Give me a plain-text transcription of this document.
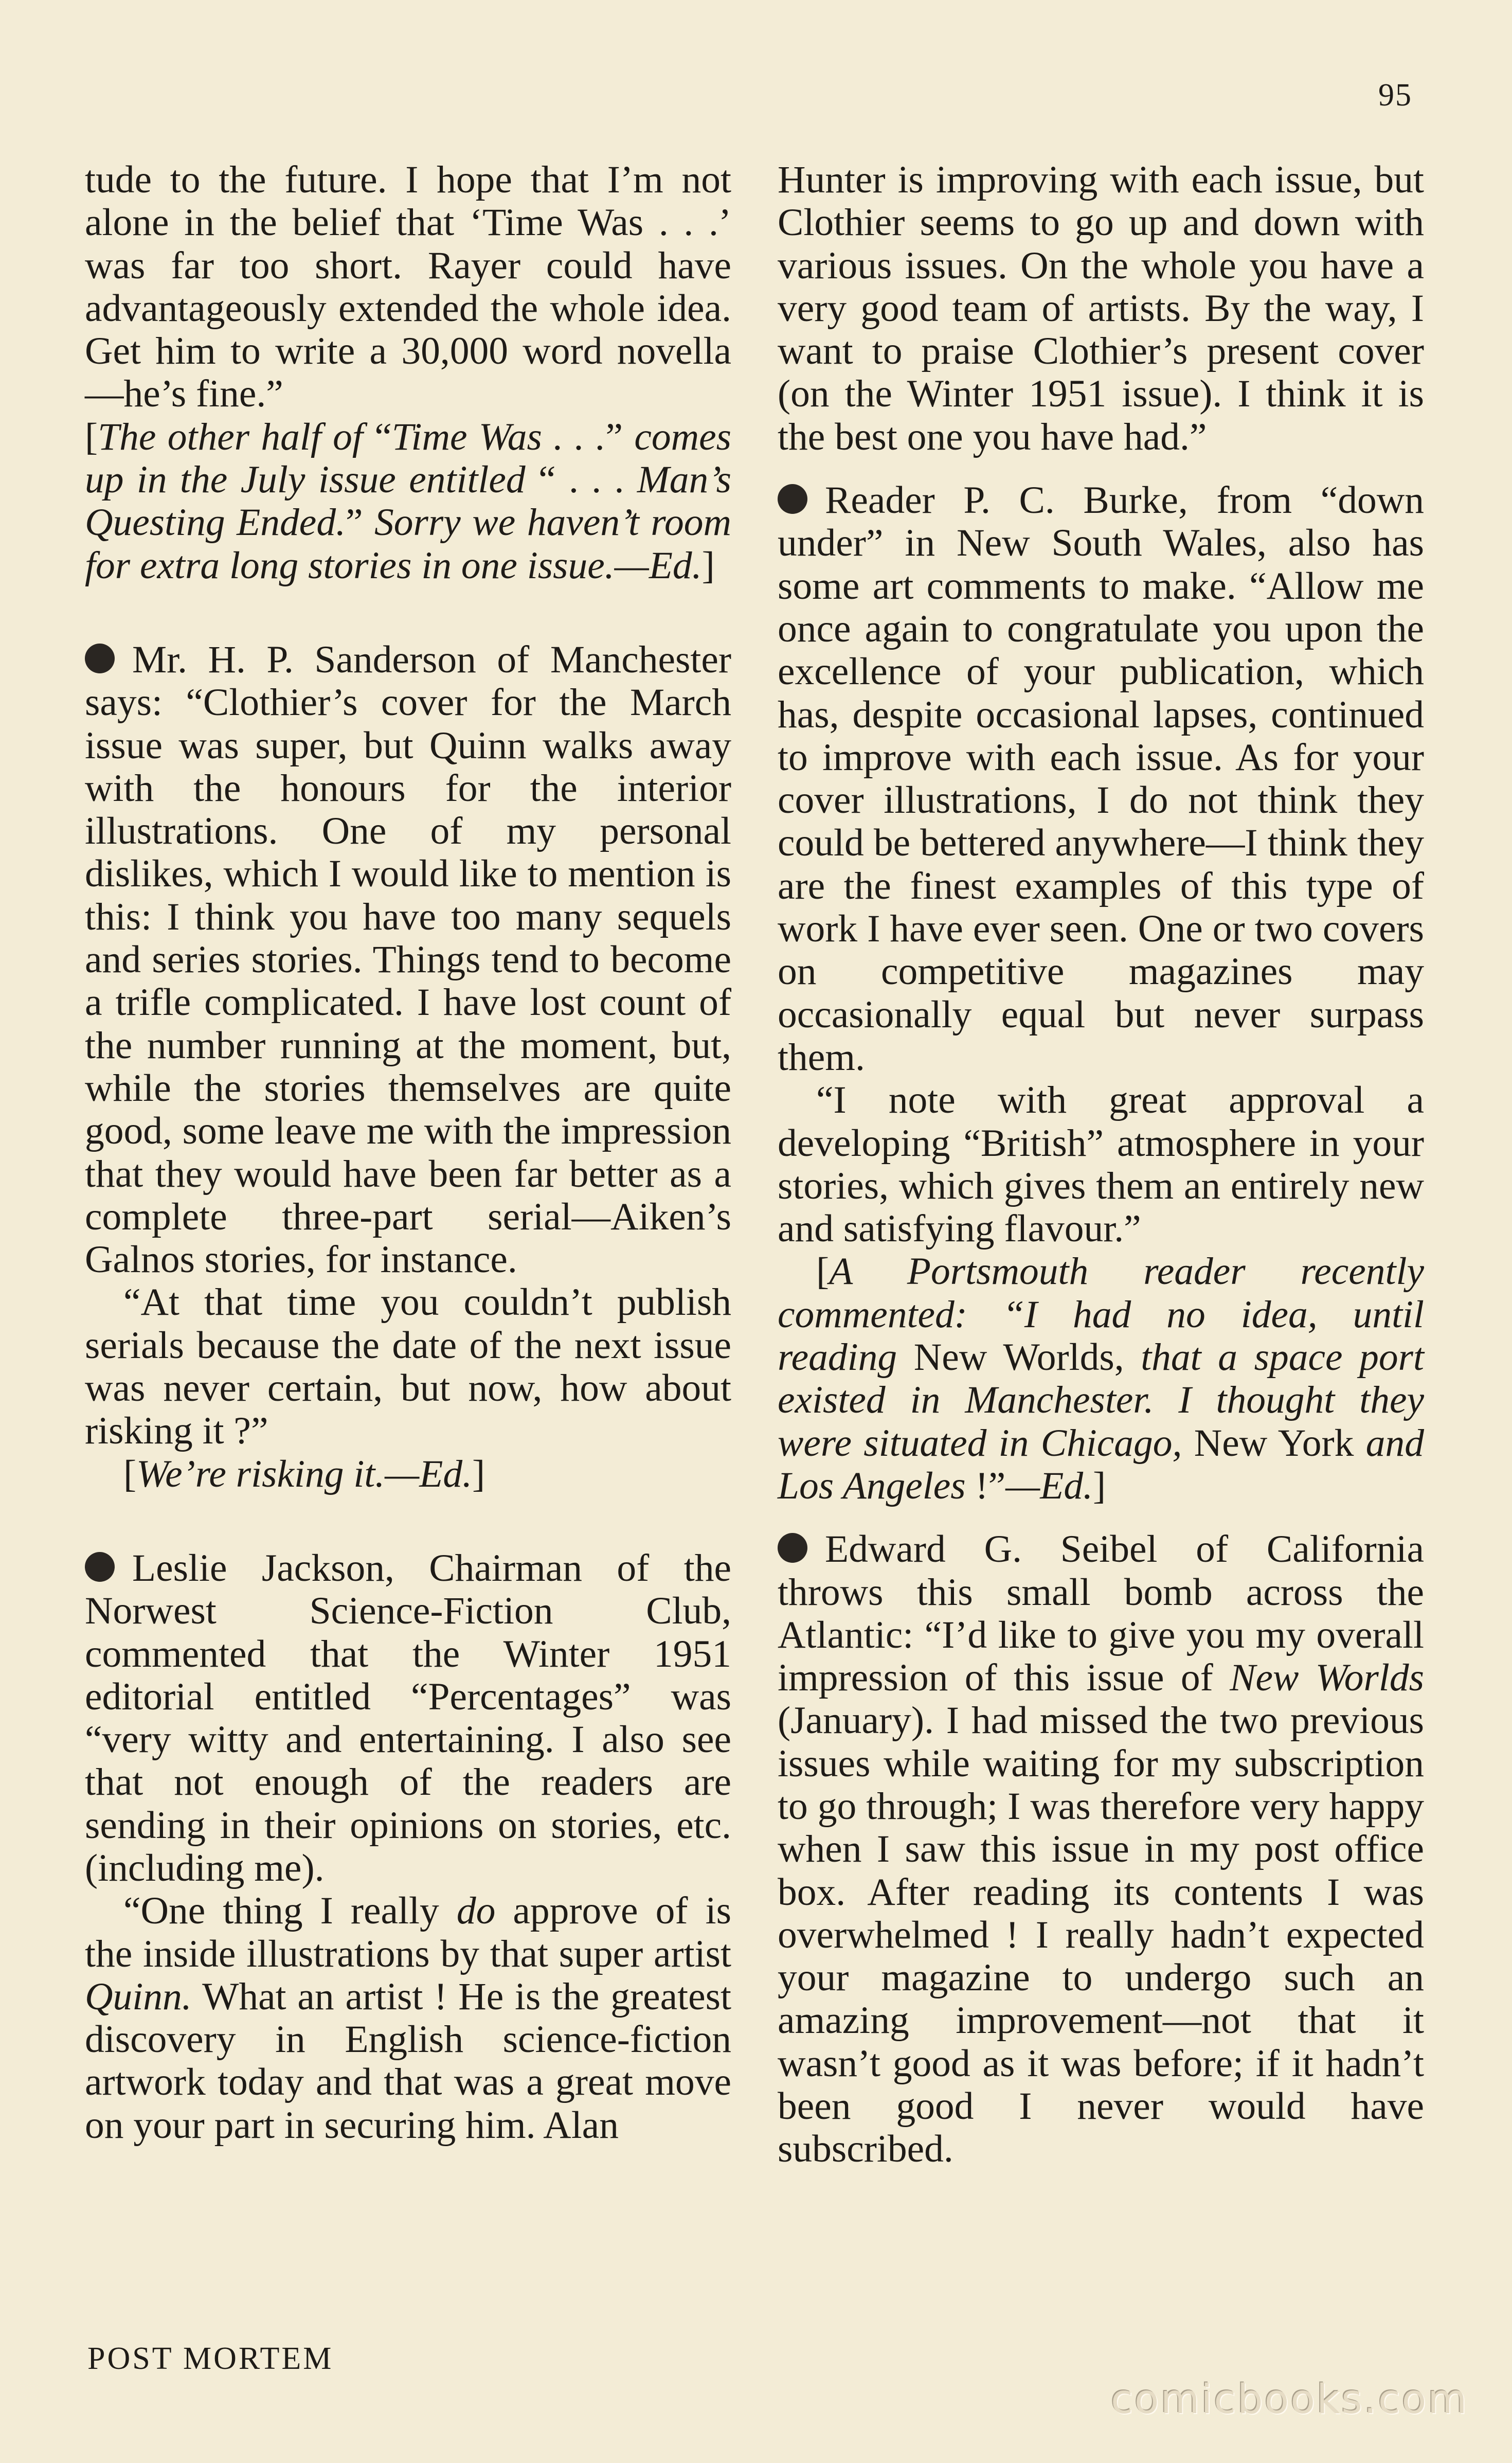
95

tude to the future. I hope that I’m not alone in the belief that ‘Time Was . . .’ was far too short. Rayer could have advantageously extended the whole idea. Get him to write a 30,000 word novella—he’s fine.”

[The other half of “Time Was . . .” comes up in the July issue entitled “ . . . Man’s Questing Ended.” Sorry we haven’t room for extra long stories in one issue.—Ed.]

Mr. H. P. Sanderson of Manchester says: “Clothier’s cover for the March issue was super, but Quinn walks away with the honours for the interior illustrations. One of my personal dislikes, which I would like to mention is this: I think you have too many sequels and series stories. Things tend to become a trifle complicated. I have lost count of the number running at the moment, but, while the stories themselves are quite good, some leave me with the impression that they would have been far better as a complete three-part serial—Aiken’s Galnos stories, for instance.

“At that time you couldn’t publish serials because the date of the next issue was never certain, but now, how about risking it ?”

[We’re risking it.—Ed.]

Leslie Jackson, Chairman of the Norwest Science-Fiction Club, commented that the Winter 1951 editorial entitled “Percentages” was “very witty and entertaining. I also see that not enough of the readers are sending in their opinions on stories, etc. (including me).

“One thing I really do approve of is the inside illustrations by that super artist Quinn. What an artist ! He is the greatest discovery in English science-fiction artwork today and that was a great move on your part in securing him. Alan

Hunter is improving with each issue, but Clothier seems to go up and down with various issues. On the whole you have a very good team of artists. By the way, I want to praise Clothier’s present cover (on the Winter 1951 issue). I think it is the best one you have had.”

Reader P. C. Burke, from “down under” in New South Wales, also has some art comments to make. “Allow me once again to congratulate you upon the excellence of your publication, which has, despite occasional lapses, continued to improve with each issue. As for your cover illustrations, I do not think they could be bettered anywhere—I think they are the finest examples of this type of work I have ever seen. One or two covers on competitive magazines may occasionally equal but never surpass them.

“I note with great approval a developing “British” atmosphere in your stories, which gives them an entirely new and satisfying flavour.”

[A Portsmouth reader recently commented: “I had no idea, until reading New Worlds, that a space port existed in Manchester. I thought they were situated in Chicago, New York and Los Angeles !”—Ed.]

Edward G. Seibel of California throws this small bomb across the Atlantic: “I’d like to give you my overall impression of this issue of New Worlds (January). I had missed the two previous issues while waiting for my subscription to go through; I was therefore very happy when I saw this issue in my post office box. After reading its contents I was overwhelmed ! I really hadn’t expected your magazine to undergo such an amazing improvement—not that it wasn’t good as it was before; if it hadn’t been good I never would have subscribed.

POST MORTEM
comicbooks.com
